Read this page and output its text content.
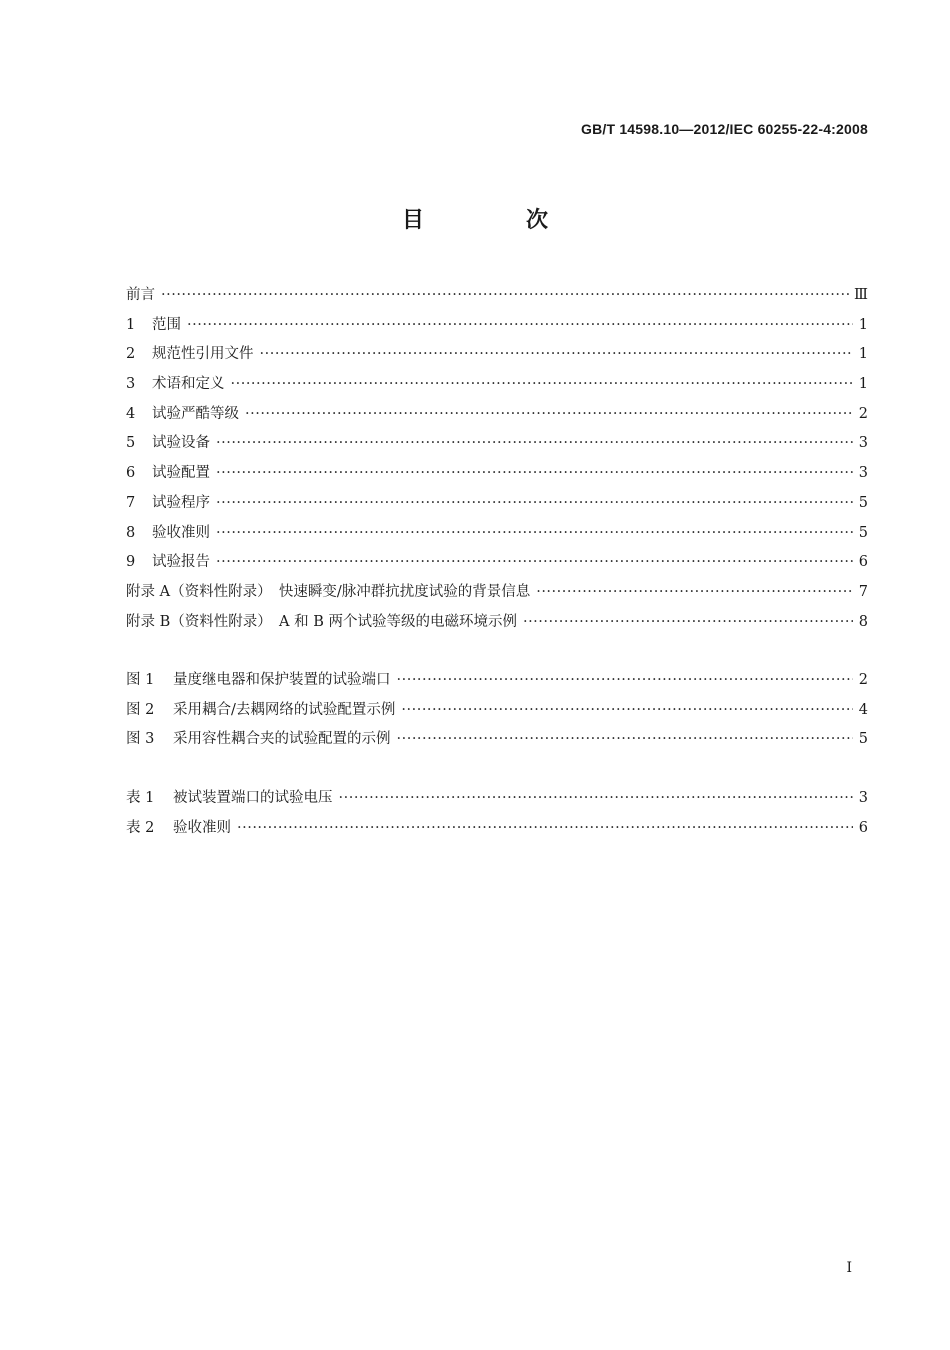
GB/T 14598.10—2012/IEC 60255-22-4:2008
目　次
前言 ·····	Ⅲ
1	范围 ·····	1
2	规范性引用文件 ·····	1
3	术语和定义 ·····	1
4	试验严酷等级 ·····	2
5	试验设备 ·····	3
6	试验配置 ·····	3
7	试验程序 ·····	5
8	验收准则 ·····	5
9	试验报告 ·····	6
附录 A（资料性附录）　快速瞬变/脉冲群抗扰度试验的背景信息 ·····	7
附录 B（资料性附录）　A 和 B 两个试验等级的电磁环境示例 ·····	8
图 1	量度继电器和保护装置的试验端口 ·····	2
图 2	采用耦合/去耦网络的试验配置示例 ·····	4
图 3	采用容性耦合夹的试验配置的示例 ·····	5
表 1	被试装置端口的试验电压 ·····	3
表 2	验收准则 ·····	6
I
